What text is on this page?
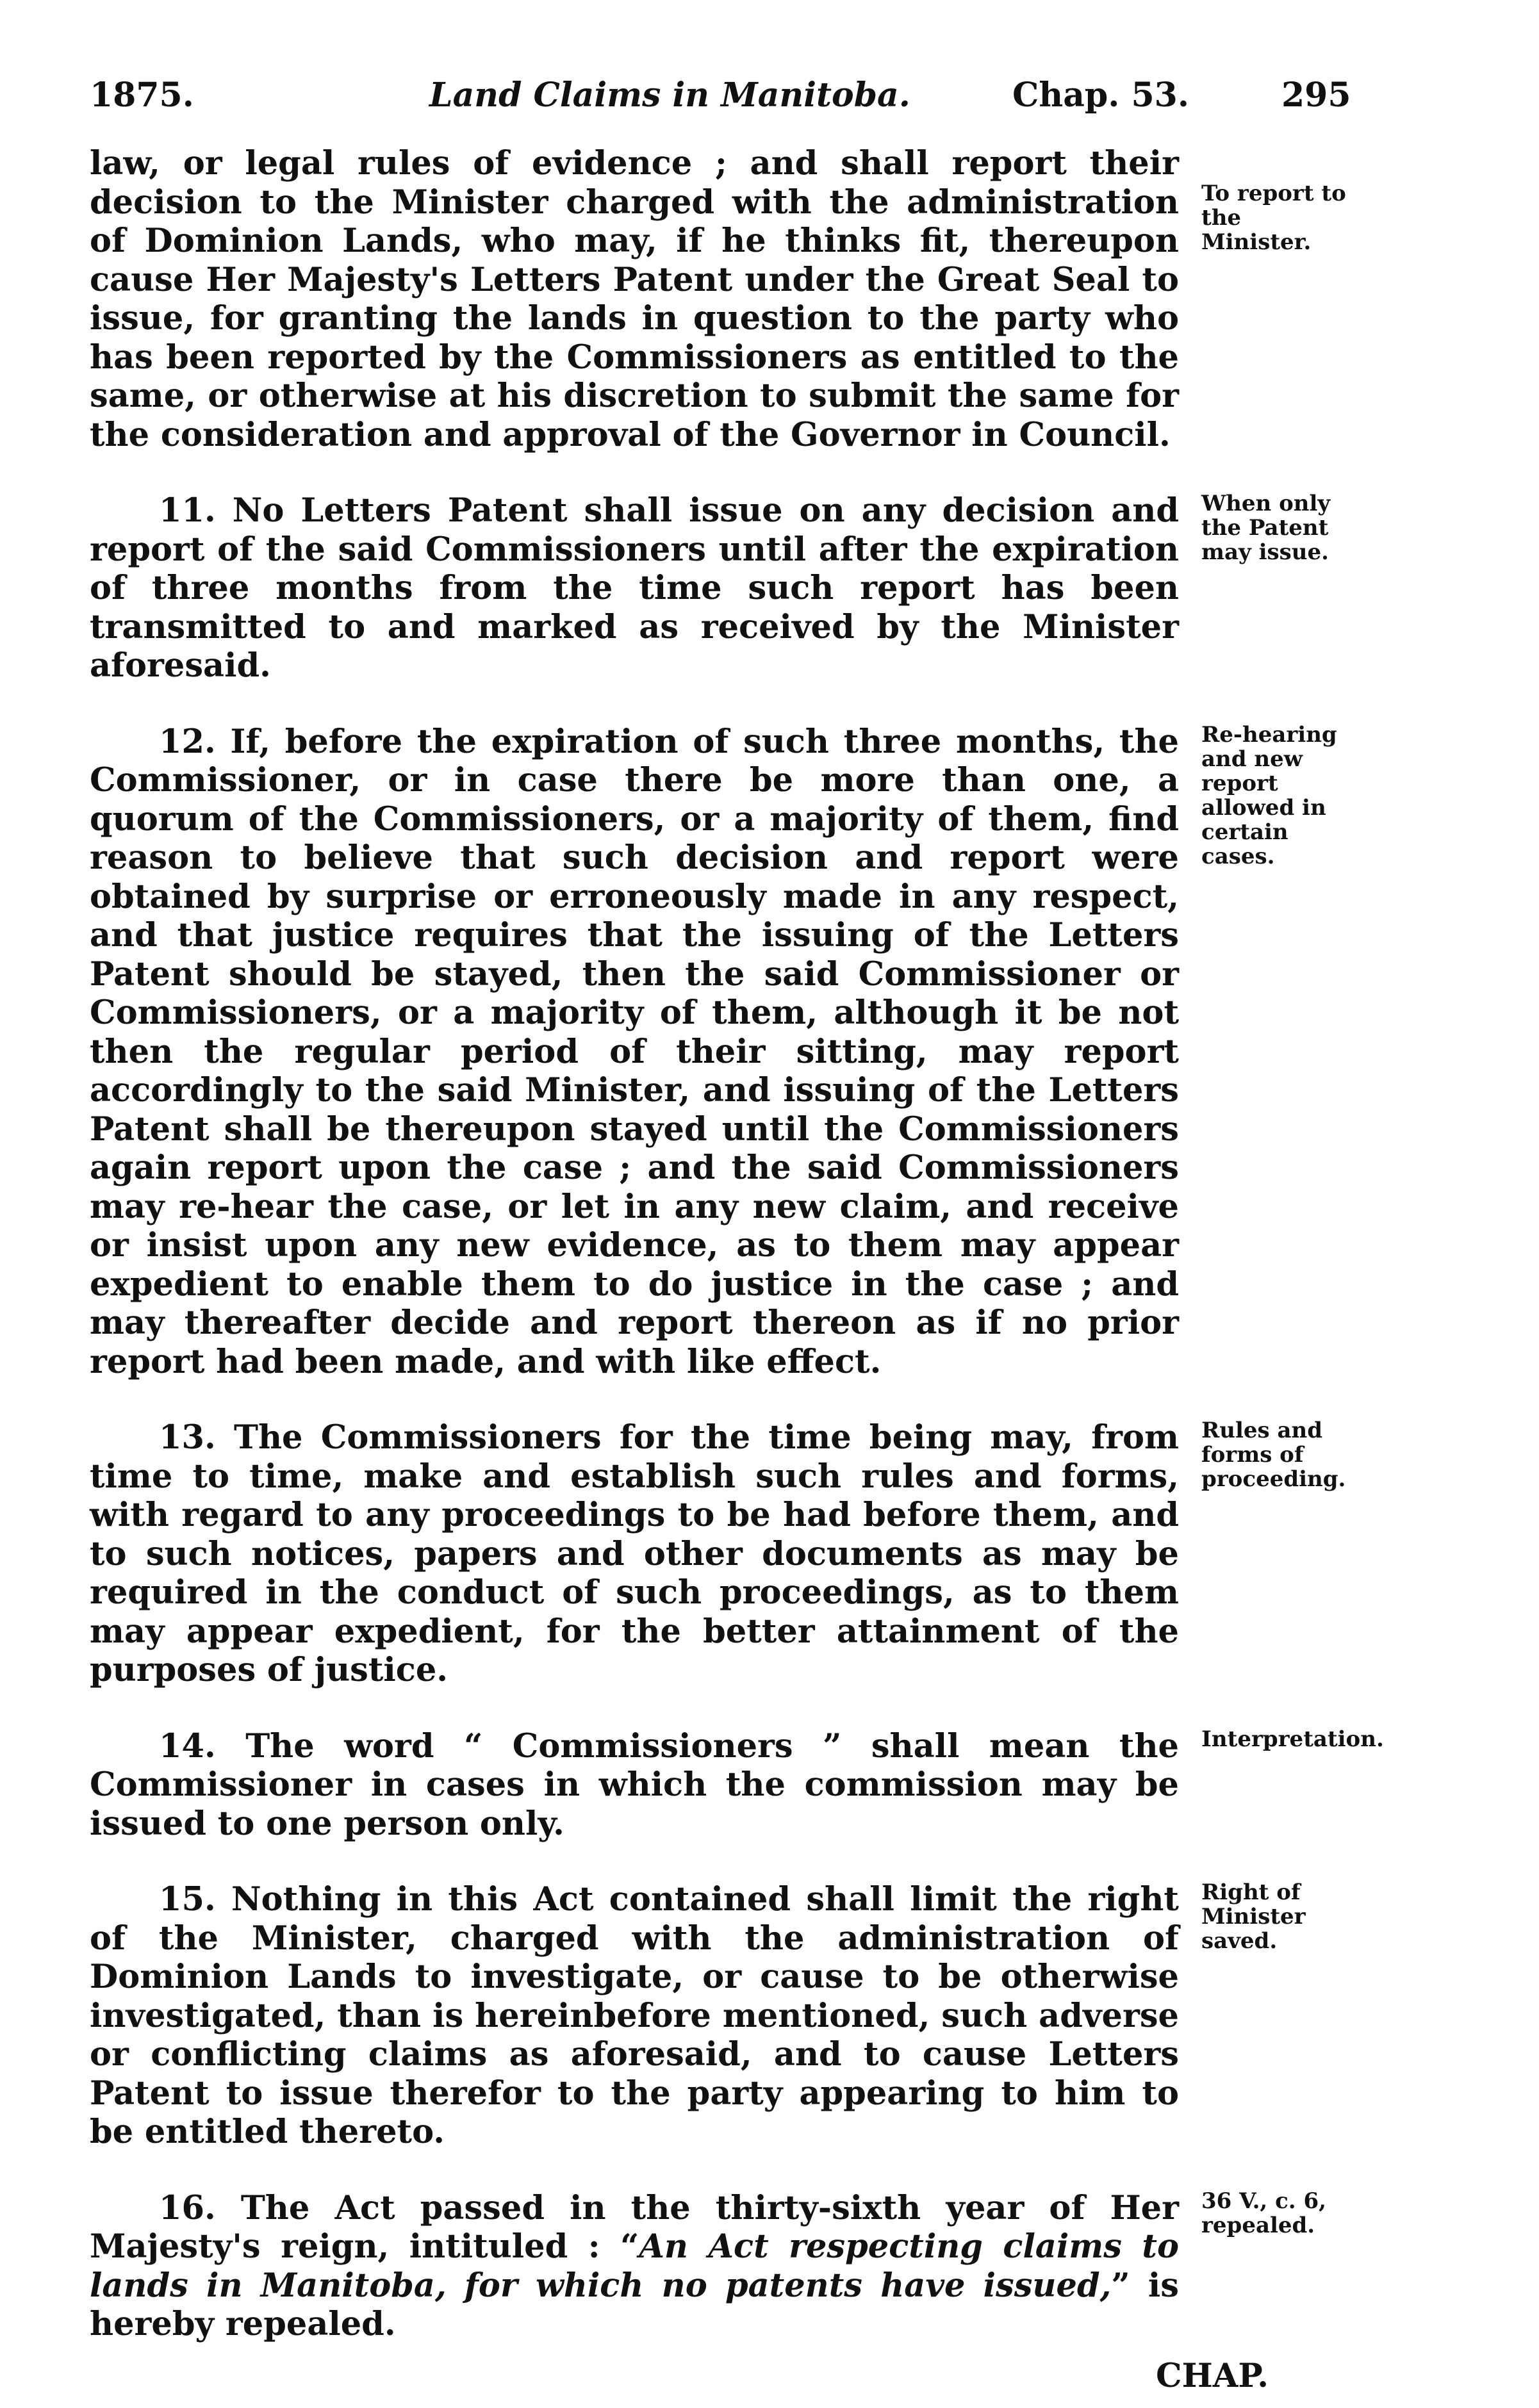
1875.	Land Claims in Manitoba.	Chap. 53.	295
law, or legal rules of evidence ; and shall report their decision to the Minister charged with the administration of Dominion Lands, who may, if he thinks fit, thereupon cause Her Majesty's Letters Patent under the Great Seal to issue, for granting the lands in question to the party who has been reported by the Commissioners as entitled to the same, or otherwise at his discretion to submit the same for the consideration and approval of the Governor in Council.
To report to the Minister.
11. No Letters Patent shall issue on any decision and report of the said Commissioners until after the expiration of three months from the time such report has been transmitted to and marked as received by the Minister aforesaid.
When only the Patent may issue.
12. If, before the expiration of such three months, the Commissioner, or in case there be more than one, a quorum of the Commissioners, or a majority of them, find reason to believe that such decision and report were obtained by surprise or erroneously made in any respect, and that justice requires that the issuing of the Letters Patent should be stayed, then the said Commissioner or Commissioners, or a majority of them, although it be not then the regular period of their sitting, may report accordingly to the said Minister, and issuing of the Letters Patent shall be thereupon stayed until the Commissioners again report upon the case ; and the said Commissioners may re-hear the case, or let in any new claim, and receive or insist upon any new evidence, as to them may appear expedient to enable them to do justice in the case ; and may thereafter decide and report thereon as if no prior report had been made, and with like effect.
Re-hearing and new report allowed in certain cases.
13. The Commissioners for the time being may, from time to time, make and establish such rules and forms, with regard to any proceedings to be had before them, and to such notices, papers and other documents as may be required in the conduct of such proceedings, as to them may appear expedient, for the better attainment of the purposes of justice.
Rules and forms of proceeding.
14. The word “ Commissioners ” shall mean the Commissioner in cases in which the commission may be issued to one person only.
Interpretation.
15. Nothing in this Act contained shall limit the right of the Minister, charged with the administration of Dominion Lands to investigate, or cause to be otherwise investigated, than is hereinbefore mentioned, such adverse or conflicting claims as aforesaid, and to cause Letters Patent to issue therefor to the party appearing to him to be entitled thereto.
Right of Minister saved.
16. The Act passed in the thirty-sixth year of Her Majesty's reign, intituled : “An Act respecting claims to lands in Manitoba, for which no patents have issued,” is hereby repealed.
36 V., c. 6, repealed.
CHAP.
